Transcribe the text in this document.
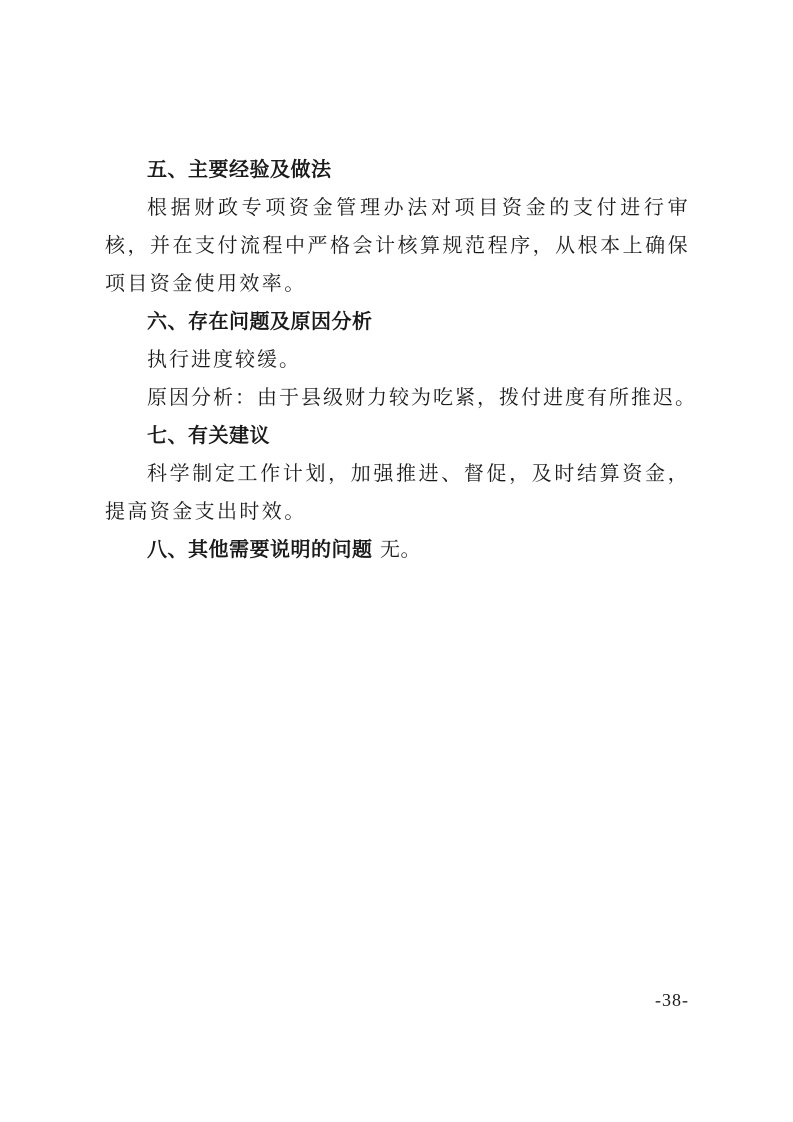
五、主要经验及做法
根据财政专项资金管理办法对项目资金的支付进行审核，并在支付流程中严格会计核算规范程序，从根本上确保项目资金使用效率。
六、存在问题及原因分析
执行进度较缓。
原因分析：由于县级财力较为吃紧，拨付进度有所推迟。
七、有关建议
科学制定工作计划，加强推进、督促，及时结算资金，提高资金支出时效。
八、其他需要说明的问题 无。
-38-
